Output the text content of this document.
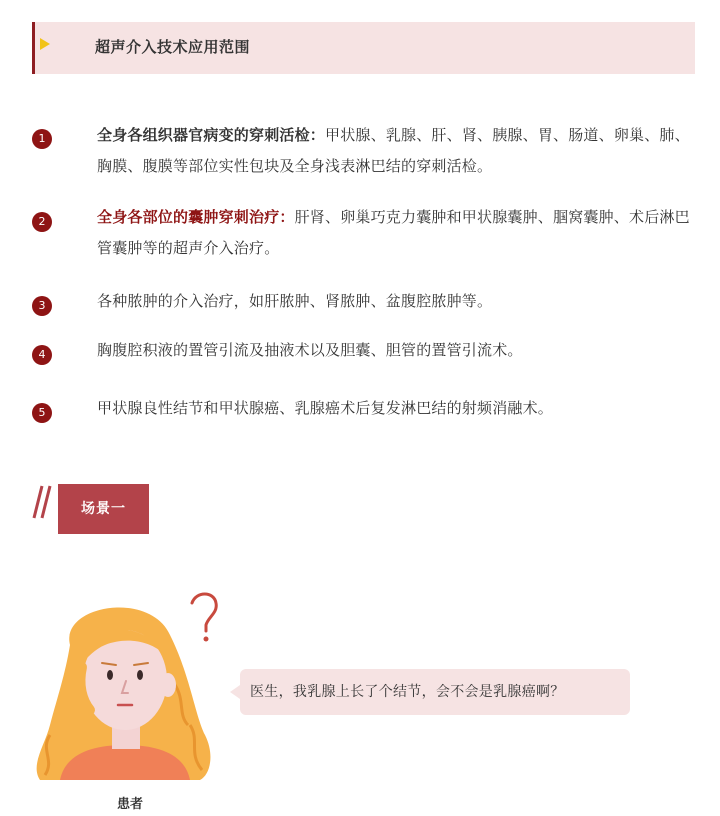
超声介入技术应用范围
1	全身各组织器官病变的穿刺活检：甲状腺、乳腺、肝、肾、胰腺、胃、肠道、卵巢、肺、胸膜、腹膜等部位实性包块及全身浅表淋巴结的穿刺活检。
2	全身各部位的囊肿穿刺治疗：肝肾、卵巢巧克力囊肿和甲状腺囊肿、腘窝囊肿、术后淋巴管囊肿等的超声介入治疗。
3	各种脓肿的介入治疗，如肝脓肿、肾脓肿、盆腹腔脓肿等。
4	胸腹腔积液的置管引流及抽液术以及胆囊、胆管的置管引流术。
5	甲状腺良性结节和甲状腺癌、乳腺癌术后复发淋巴结的射频消融术。
场景一
患者
医生，我乳腺上长了个结节，会不会是乳腺癌啊？
